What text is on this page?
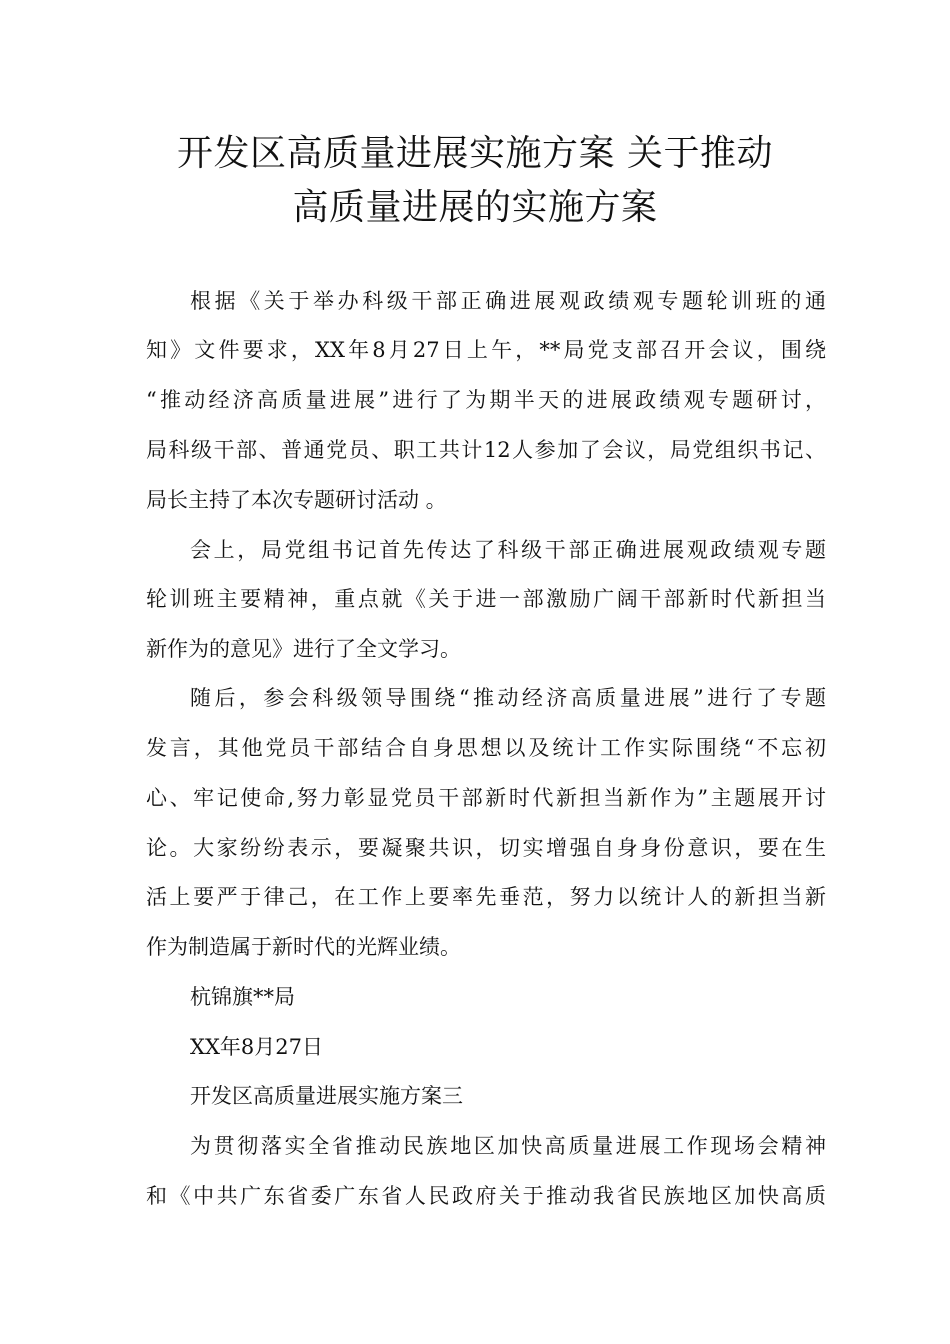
开发区高质量进展实施方案 关于推动
高质量进展的实施方案
根据《关于举办科级干部正确进展观政绩观专题轮训班的通
知》文件要求，XX年8月27日上午，**局党支部召开会议，围绕
“推动经济高质量进展”进行了为期半天的进展政绩观专题研讨，
局科级干部、普通党员、职工共计12人参加了会议，局党组织书记、
局长主持了本次专题研讨活动 。
会上，局党组书记首先传达了科级干部正确进展观政绩观专题
轮训班主要精神，重点就《关于进一部激励广阔干部新时代新担当
新作为的意见》进行了全文学习。
随后，参会科级领导围绕“推动经济高质量进展”进行了专题
发言，其他党员干部结合自身思想以及统计工作实际围绕“不忘初
心、牢记使命,努力彰显党员干部新时代新担当新作为”主题展开讨
论。大家纷纷表示，要凝聚共识，切实增强自身身份意识，要在生
活上要严于律己，在工作上要率先垂范，努力以统计人的新担当新
作为制造属于新时代的光辉业绩。
杭锦旗**局
XX年8月27日
开发区高质量进展实施方案三
为贯彻落实全省推动民族地区加快高质量进展工作现场会精神
和《中共广东省委广东省人民政府关于推动我省民族地区加快高质
